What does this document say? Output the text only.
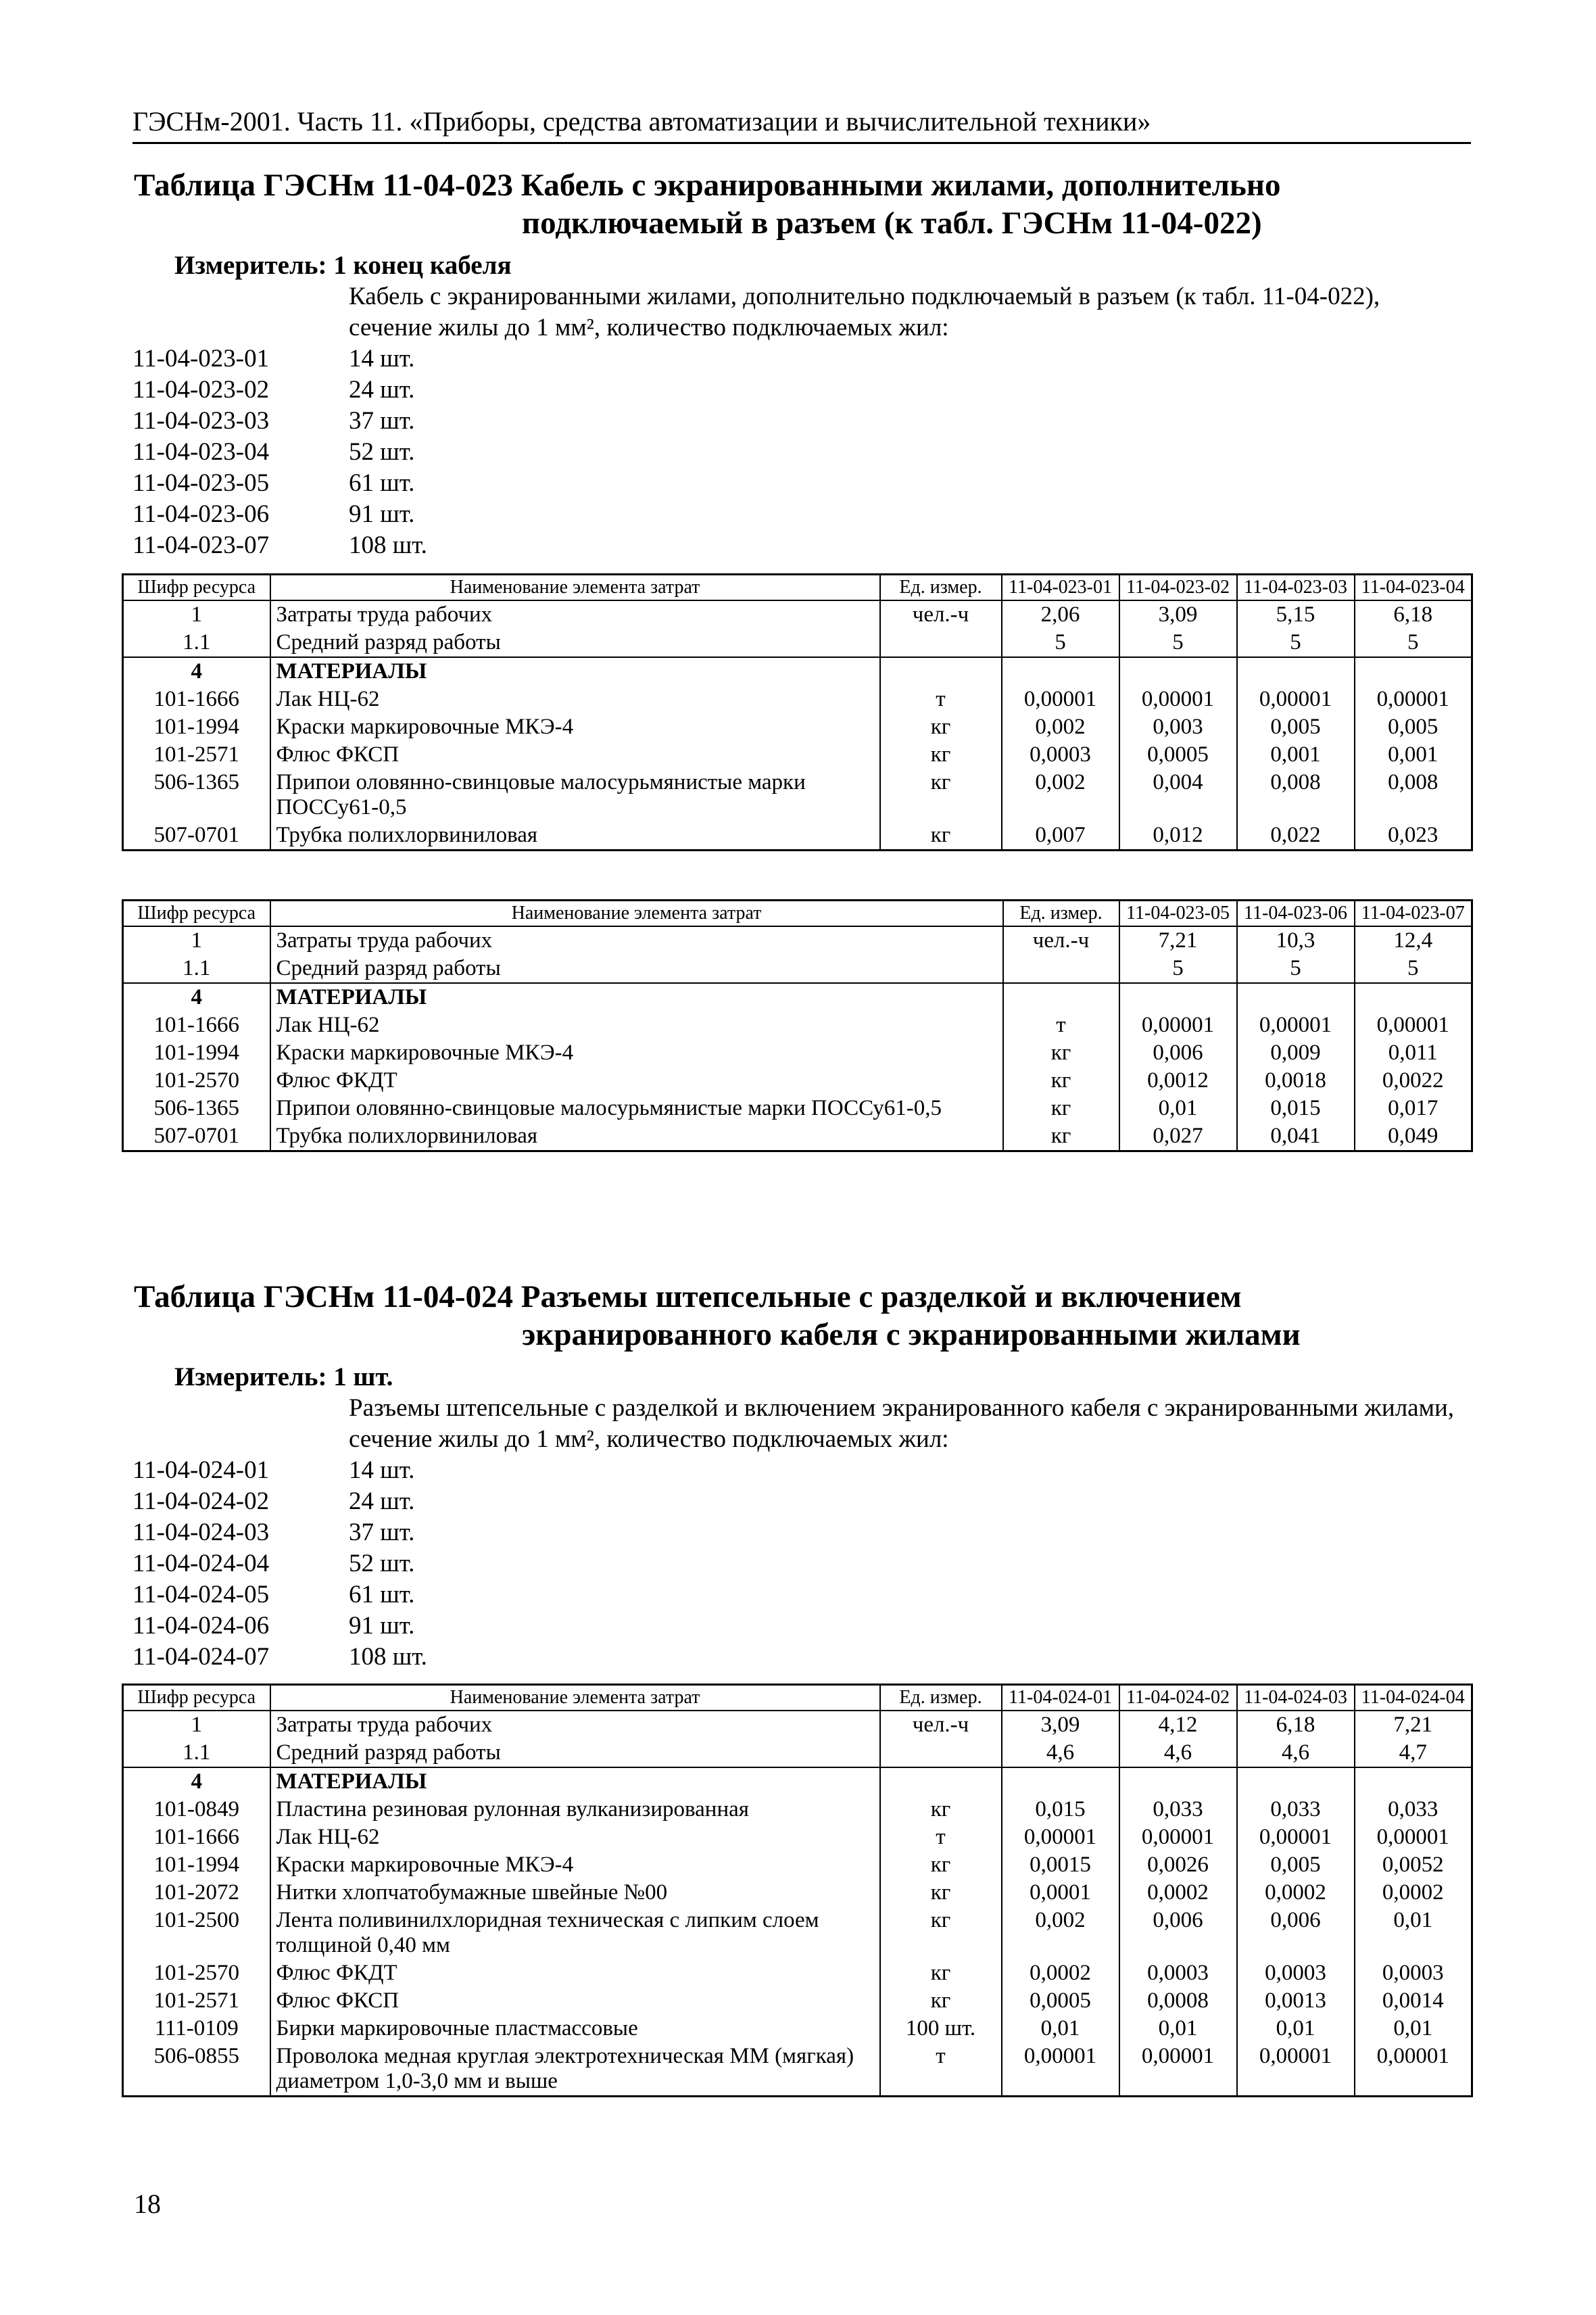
ГЭСНм-2001. Часть 11. «Приборы, средства автоматизации и вычислительной техники»
Таблица ГЭСНм 11-04-023 Кабель с экранированными жилами, дополнительно
подключаемый в разъем (к табл. ГЭСНм 11-04-022)
Измеритель: 1 конец кабеля
Кабель с экранированными жилами, дополнительно подключаемый в разъем (к табл. 11-04-022), сечение жилы до 1 мм², количество подключаемых жил:
11-04-023-01	14 шт.
11-04-023-02	24 шт.
11-04-023-03	37 шт.
11-04-023-04	52 шт.
11-04-023-05	61 шт.
11-04-023-06	91 шт.
11-04-023-07	108 шт.
Шифр ресурса	Наименование элемента затрат	Ед. измер.	11-04-023-01	11-04-023-02	11-04-023-03	11-04-023-04
1	Затраты труда рабочих	чел.-ч	2,06	3,09	5,15	6,18
1.1	Средний разряд работы		5	5	5	5
4	МАТЕРИАЛЫ					
101-1666	Лак НЦ-62	т	0,00001	0,00001	0,00001	0,00001
101-1994	Краски маркировочные МКЭ-4	кг	0,002	0,003	0,005	0,005
101-2571	Флюс ФКСП	кг	0,0003	0,0005	0,001	0,001
506-1365	Припои оловянно-свинцовые малосурьмянистые марки ПОССу61-0,5	кг	0,002	0,004	0,008	0,008
507-0701	Трубка полихлорвиниловая	кг	0,007	0,012	0,022	0,023
Шифр ресурса	Наименование элемента затрат	Ед. измер.	11-04-023-05	11-04-023-06	11-04-023-07
1	Затраты труда рабочих	чел.-ч	7,21	10,3	12,4
1.1	Средний разряд работы		5	5	5
4	МАТЕРИАЛЫ				
101-1666	Лак НЦ-62	т	0,00001	0,00001	0,00001
101-1994	Краски маркировочные МКЭ-4	кг	0,006	0,009	0,011
101-2570	Флюс ФКДТ	кг	0,0012	0,0018	0,0022
506-1365	Припои оловянно-свинцовые малосурьмянистые марки ПОССу61-0,5	кг	0,01	0,015	0,017
507-0701	Трубка полихлорвиниловая	кг	0,027	0,041	0,049
Таблица ГЭСНм 11-04-024 Разъемы штепсельные с разделкой и включением
экранированного кабеля с экранированными жилами
Измеритель: 1 шт.
Разъемы штепсельные с разделкой и включением экранированного кабеля с экранированными жилами, сечение жилы до 1 мм², количество подключаемых жил:
11-04-024-01	14 шт.
11-04-024-02	24 шт.
11-04-024-03	37 шт.
11-04-024-04	52 шт.
11-04-024-05	61 шт.
11-04-024-06	91 шт.
11-04-024-07	108 шт.
Шифр ресурса	Наименование элемента затрат	Ед. измер.	11-04-024-01	11-04-024-02	11-04-024-03	11-04-024-04
1	Затраты труда рабочих	чел.-ч	3,09	4,12	6,18	7,21
1.1	Средний разряд работы		4,6	4,6	4,6	4,7
4	МАТЕРИАЛЫ					
101-0849	Пластина резиновая рулонная вулканизированная	кг	0,015	0,033	0,033	0,033
101-1666	Лак НЦ-62	т	0,00001	0,00001	0,00001	0,00001
101-1994	Краски маркировочные МКЭ-4	кг	0,0015	0,0026	0,005	0,0052
101-2072	Нитки хлопчатобумажные швейные №00	кг	0,0001	0,0002	0,0002	0,0002
101-2500	Лента поливинилхлоридная техническая с липким слоем толщиной 0,40 мм	кг	0,002	0,006	0,006	0,01
101-2570	Флюс ФКДТ	кг	0,0002	0,0003	0,0003	0,0003
101-2571	Флюс ФКСП	кг	0,0005	0,0008	0,0013	0,0014
111-0109	Бирки маркировочные пластмассовые	100 шт.	0,01	0,01	0,01	0,01
506-0855	Проволока медная круглая электротехническая ММ (мягкая) диаметром 1,0-3,0 мм и выше	т	0,00001	0,00001	0,00001	0,00001
18
